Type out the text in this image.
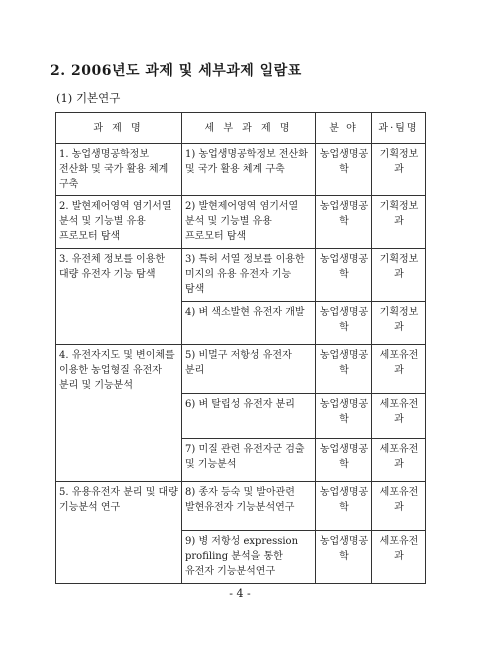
2. 2006년도 과제 및 세부과제 일람표
(1) 기본연구
과 제 명	세 부 과 제 명	분 야	과·팀명
1. 농업생명공학정보 전산화 및 국가 활용 체계 구축	1) 농업생명공학정보 전산화 및 국가 활용 체계 구축	농업생명공학	기획정보과
2. 발현제어영역 염기서열 분석 및 기능별 유용 프로모터 탐색	2) 발현제어영역 염기서열 분석 및 기능별 유용 프로모터 탐색	농업생명공학	기획정보과
3. 유전체 정보를 이용한 대량 유전자 기능 탐색	3) 특허 서열 정보를 이용한 미지의 유용 유전자 기능 탐색	농업생명공학	기획정보과
	4) 벼 색소발현 유전자 개발	농업생명공학	기획정보과
4. 유전자지도 및 변이체를 이용한 농업형질 유전자 분리 및 기능분석	5) 비멀구 저항성 유전자 분리	농업생명공학	세포유전과
	6) 벼 탈립성 유전자 분리	농업생명공학	세포유전과
	7) 미질 관련 유전자군 검출 및 기능분석	농업생명공학	세포유전과
5. 유용유전자 분리 및 대량 기능분석 연구	8) 종자 등숙 및 발아관련 발현유전자 기능분석연구	농업생명공학	세포유전과
	9) 병 저항성 expression profiling 분석을 통한 유전자 기능분석연구	농업생명공학	세포유전과
- 4 -
